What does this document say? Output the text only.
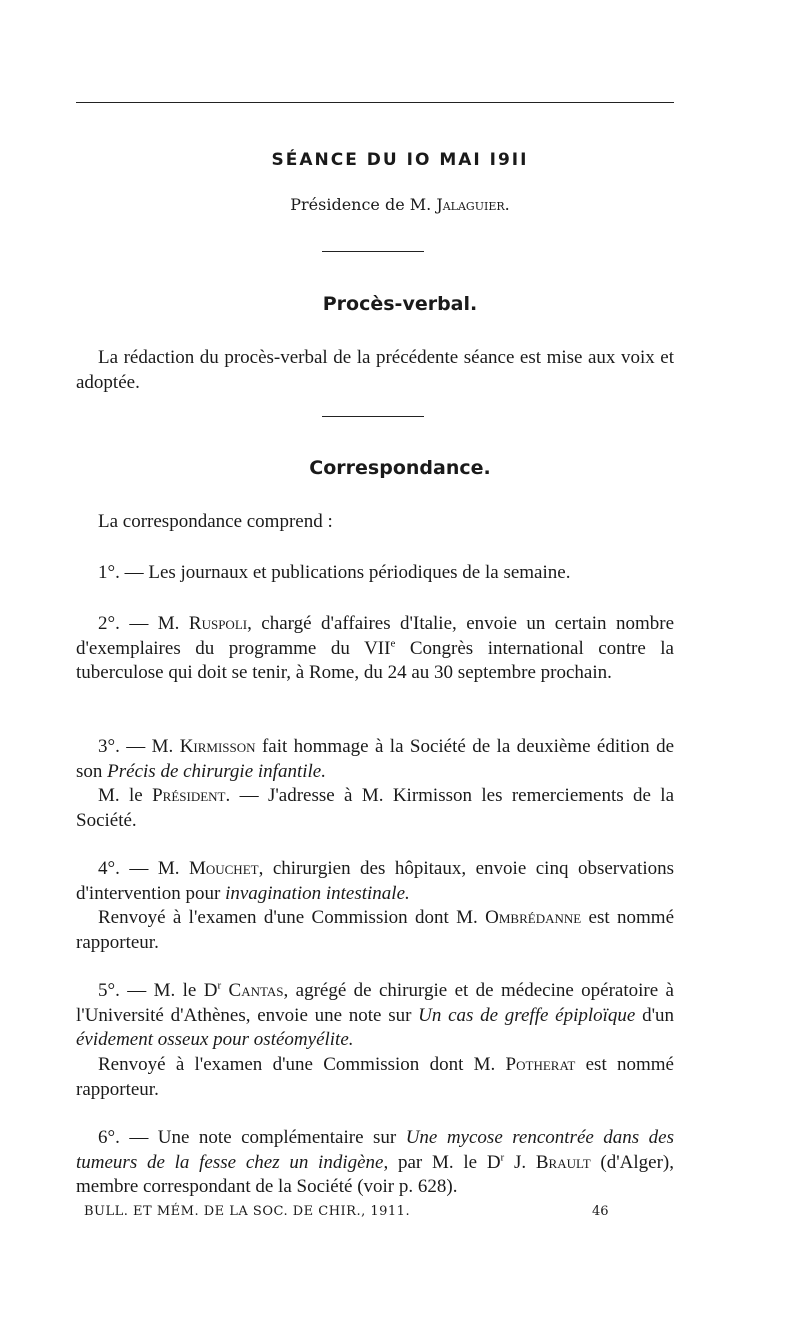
SÉANCE DU IO MAI I9II
Présidence de M. Jalaguier.
Procès-verbal.
La rédaction du procès-verbal de la précédente séance est mise aux voix et adoptée.
Correspondance.
La correspondance comprend :
1°. — Les journaux et publications périodiques de la semaine.
2°. — M. Ruspoli, chargé d'affaires d'Italie, envoie un certain nombre d'exemplaires du programme du VIIe Congrès international contre la tuberculose qui doit se tenir, à Rome, du 24 au 30 septembre prochain.
3°. — M. Kirmisson fait hommage à la Société de la deuxième édition de son Précis de chirurgie infantile.
M. le Président. — J'adresse à M. Kirmisson les remerciements de la Société.
4°. — M. Mouchet, chirurgien des hôpitaux, envoie cinq observations d'intervention pour invagination intestinale.
Renvoyé à l'examen d'une Commission dont M. Ombrédanne est nommé rapporteur.
5°. — M. le $D^r$ Cantas, agrégé de chirurgie et de médecine opératoire à l'Université d'Athènes, envoie une note sur Un cas de greffe épiploïque d'un évidement osseux pour ostéomyélite.
Renvoyé à l'examen d'une Commission dont M. Potherat est nommé rapporteur.
6°. — Une note complémentaire sur Une mycose rencontrée dans des tumeurs de la fesse chez un indigène, par M. le $D^r$ J. Brault (d'Alger), membre correspondant de la Société (voir p. 628).
BULL. ET MÉM. DE LA SOC. DE CHIR., 1911.	46
